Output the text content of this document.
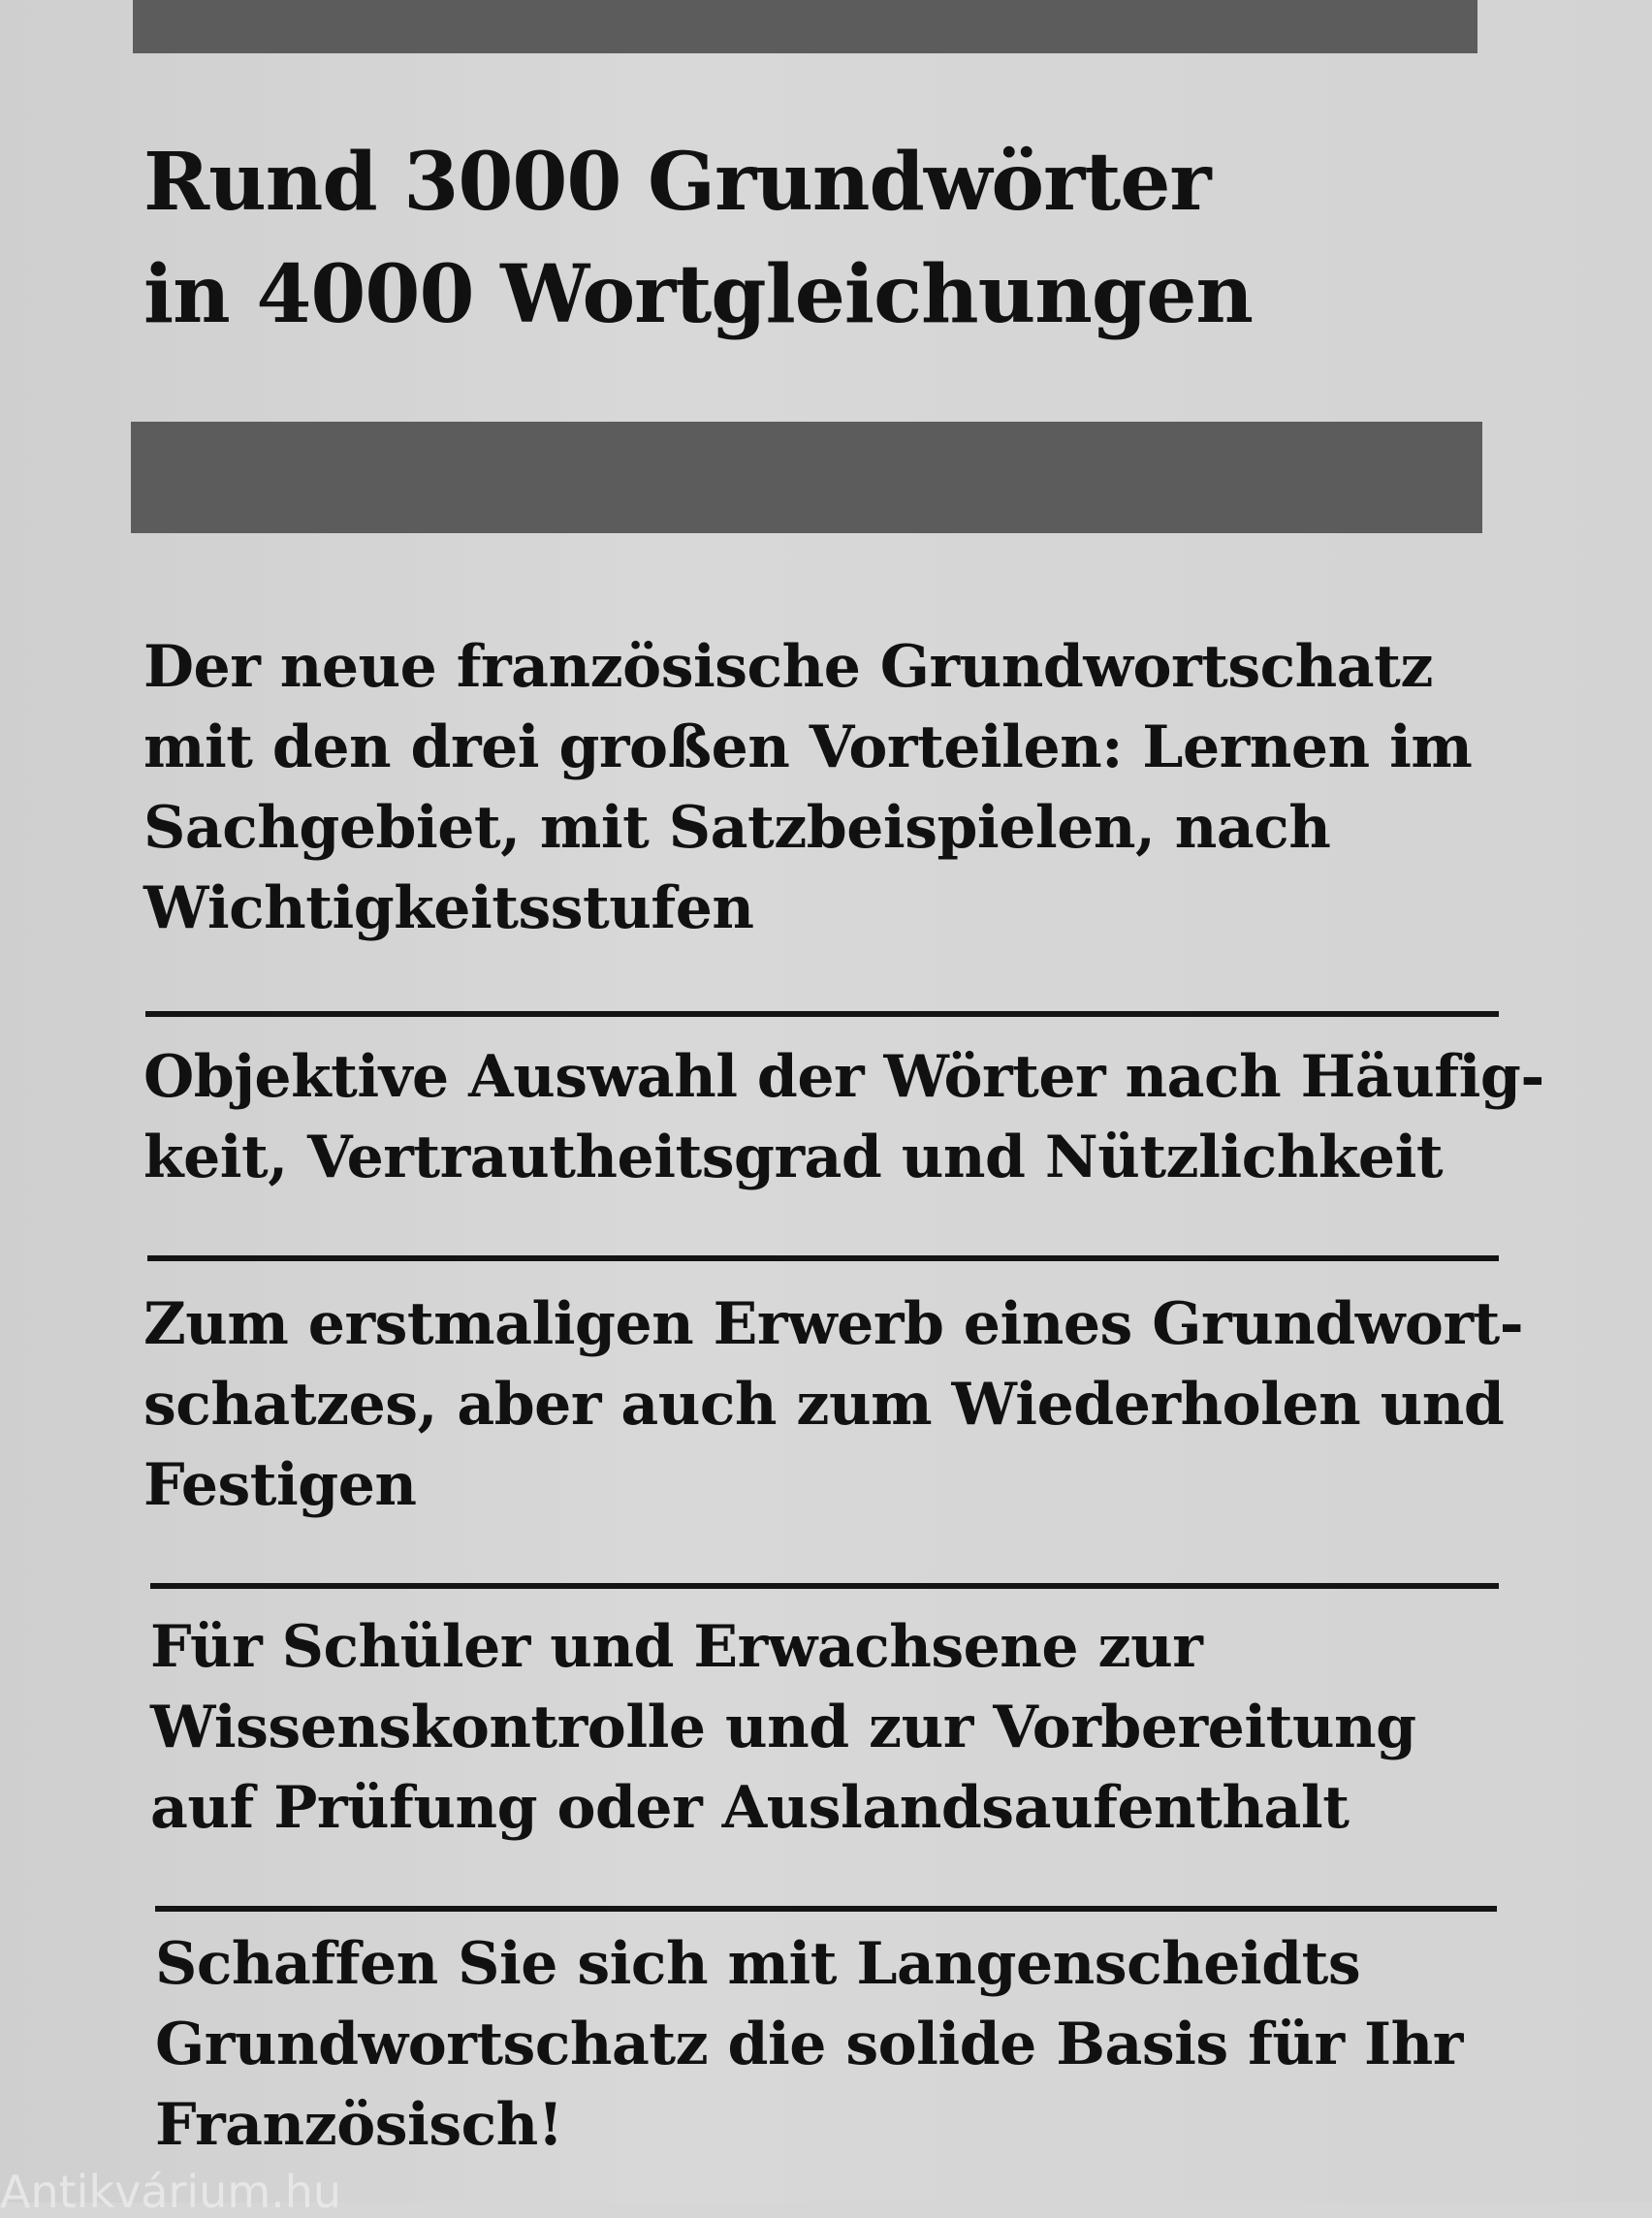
Rund 3000 Grundwörter
in 4000 Wortgleichungen
Der neue französische Grundwortschatz
mit den drei großen Vorteilen: Lernen im
Sachgebiet, mit Satzbeispielen, nach
Wichtigkeitsstufen
Objektive Auswahl der Wörter nach Häufig-
keit, Vertrautheitsgrad und Nützlichkeit
Zum erstmaligen Erwerb eines Grundwort-
schatzes, aber auch zum Wiederholen und
Festigen
Für Schüler und Erwachsene zur
Wissenskontrolle und zur Vorbereitung
auf Prüfung oder Auslandsaufenthalt
Schaffen Sie sich mit Langenscheidts
Grundwortschatz die solide Basis für Ihr
Französisch!
Antikvárium.hu
